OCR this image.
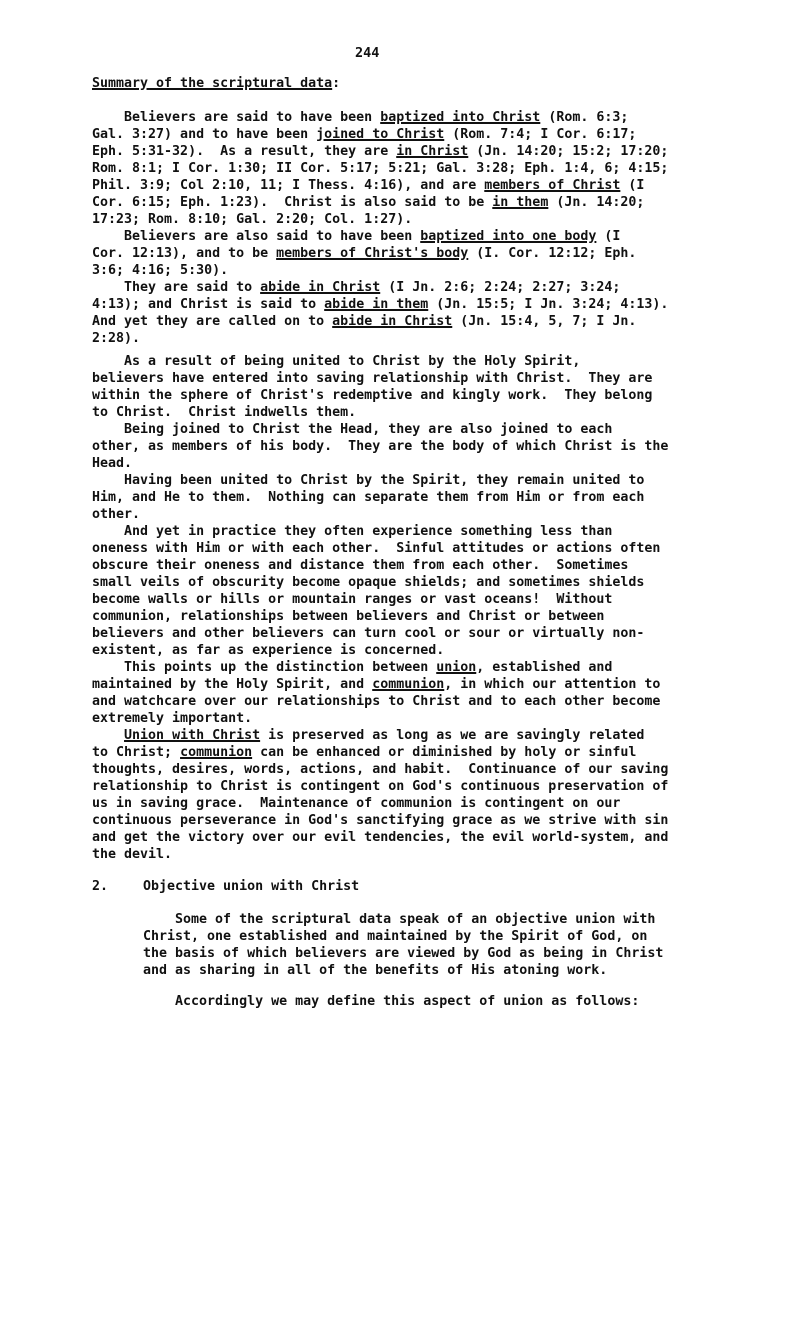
244

Summary of the scriptural data:

Believers are said to have been baptized into Christ (Rom. 6:3;

Gal. 3:27) and to have been joined to Christ (Rom. 7:4; I Cor. 6:17;

Eph. 5:31-32).  As a result, they are in Christ (Jn. 14:20; 15:2; 17:20;

Rom. 8:1; I Cor. 1:30; II Cor. 5:17; 5:21; Gal. 3:28; Eph. 1:4, 6; 4:15;

Phil. 3:9; Col 2:10, 11; I Thess. 4:16), and are members of Christ (I

Cor. 6:15; Eph. 1:23).  Christ is also said to be in them (Jn. 14:20;

17:23; Rom. 8:10; Gal. 2:20; Col. 1:27).

Believers are also said to have been baptized into one body (I

Cor. 12:13), and to be members of Christ's body (I. Cor. 12:12; Eph.

3:6; 4:16; 5:30).

They are said to abide in Christ (I Jn. 2:6; 2:24; 2:27; 3:24;

4:13); and Christ is said to abide in them (Jn. 15:5; I Jn. 3:24; 4:13).

And yet they are called on to abide in Christ (Jn. 15:4, 5, 7; I Jn.

2:28).

As a result of being united to Christ by the Holy Spirit,

believers have entered into saving relationship with Christ.  They are

within the sphere of Christ's redemptive and kingly work.  They belong

to Christ.  Christ indwells them.

Being joined to Christ the Head, they are also joined to each

other, as members of his body.  They are the body of which Christ is the

Head.

Having been united to Christ by the Spirit, they remain united to

Him, and He to them.  Nothing can separate them from Him or from each

other.

And yet in practice they often experience something less than

oneness with Him or with each other.  Sinful attitudes or actions often

obscure their oneness and distance them from each other.  Sometimes

small veils of obscurity become opaque shields; and sometimes shields

become walls or hills or mountain ranges or vast oceans!  Without

communion, relationships between believers and Christ or between

believers and other believers can turn cool or sour or virtually non-

existent, as far as experience is concerned.

This points up the distinction between union, established and

maintained by the Holy Spirit, and communion, in which our attention to

and watchcare over our relationships to Christ and to each other become

extremely important.

Union with Christ is preserved as long as we are savingly related

to Christ; communion can be enhanced or diminished by holy or sinful

thoughts, desires, words, actions, and habit.  Continuance of our saving

relationship to Christ is contingent on God's continuous preservation of

us in saving grace.  Maintenance of communion is contingent on our

continuous perseverance in God's sanctifying grace as we strive with sin

and get the victory over our evil tendencies, the evil world-system, and

the devil.

2.	Objective union with Christ

Some of the scriptural data speak of an objective union with

Christ, one established and maintained by the Spirit of God, on

the basis of which believers are viewed by God as being in Christ

and as sharing in all of the benefits of His atoning work.

Accordingly we may define this aspect of union as follows:
